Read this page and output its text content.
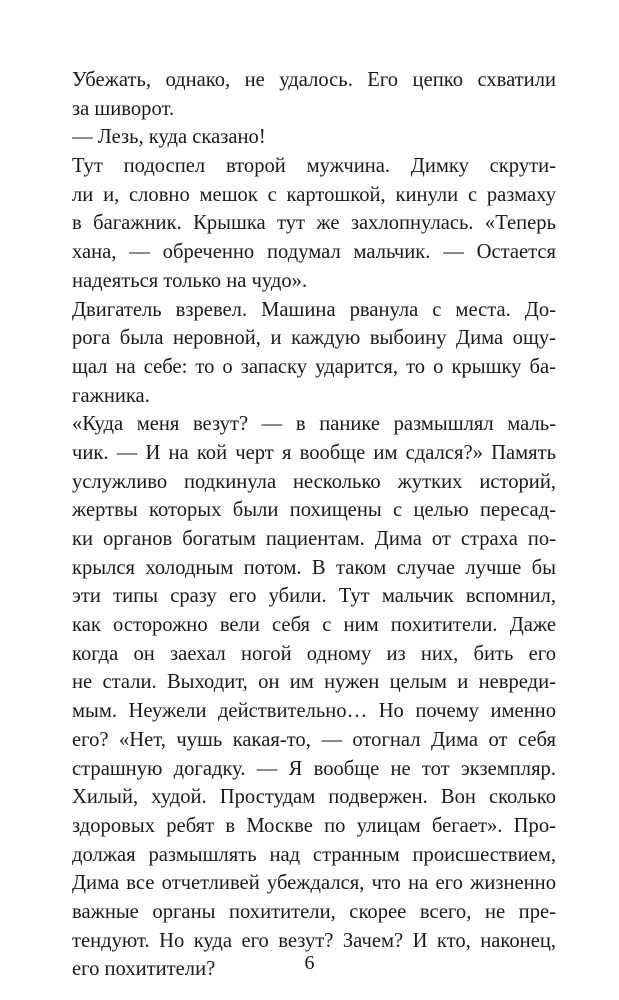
Убежать, однако, не удалось. Его цепко схватили
за шиворот.
— Лезь, куда сказано!
Тут подоспел второй мужчина. Димку скрути-
ли и, словно мешок с картошкой, кинули с размаху
в багажник. Крышка тут же захлопнулась. «Теперь
хана, — обреченно подумал мальчик. — Остается
надеяться только на чудо».
Двигатель взревел. Машина рванула с места. До-
рога была неровной, и каждую выбоину Дима ощу-
щал на себе: то о запаску ударится, то о крышку ба-
гажника.
«Куда меня везут? — в панике размышлял маль-
чик. — И на кой черт я вообще им сдался?» Память
услужливо подкинула несколько жутких историй,
жертвы которых были похищены с целью пересад-
ки органов богатым пациентам. Дима от страха по-
крылся холодным потом. В таком случае лучше бы
эти типы сразу его убили. Тут мальчик вспомнил,
как осторожно вели себя с ним похитители. Даже
когда он заехал ногой одному из них, бить его
не стали. Выходит, он им нужен целым и невреди-
мым. Неужели действительно… Но почему именно
его? «Нет, чушь какая-то, — отогнал Дима от себя
страшную догадку. — Я вообще не тот экземпляр.
Хилый, худой. Простудам подвержен. Вон сколько
здоровых ребят в Москве по улицам бегает». Про-
должая размышлять над странным происшествием,
Дима все отчетливей убеждался, что на его жизненно
важные органы похитители, скорее всего, не пре-
тендуют. Но куда его везут? Зачем? И кто, наконец,
его похитители?	6
